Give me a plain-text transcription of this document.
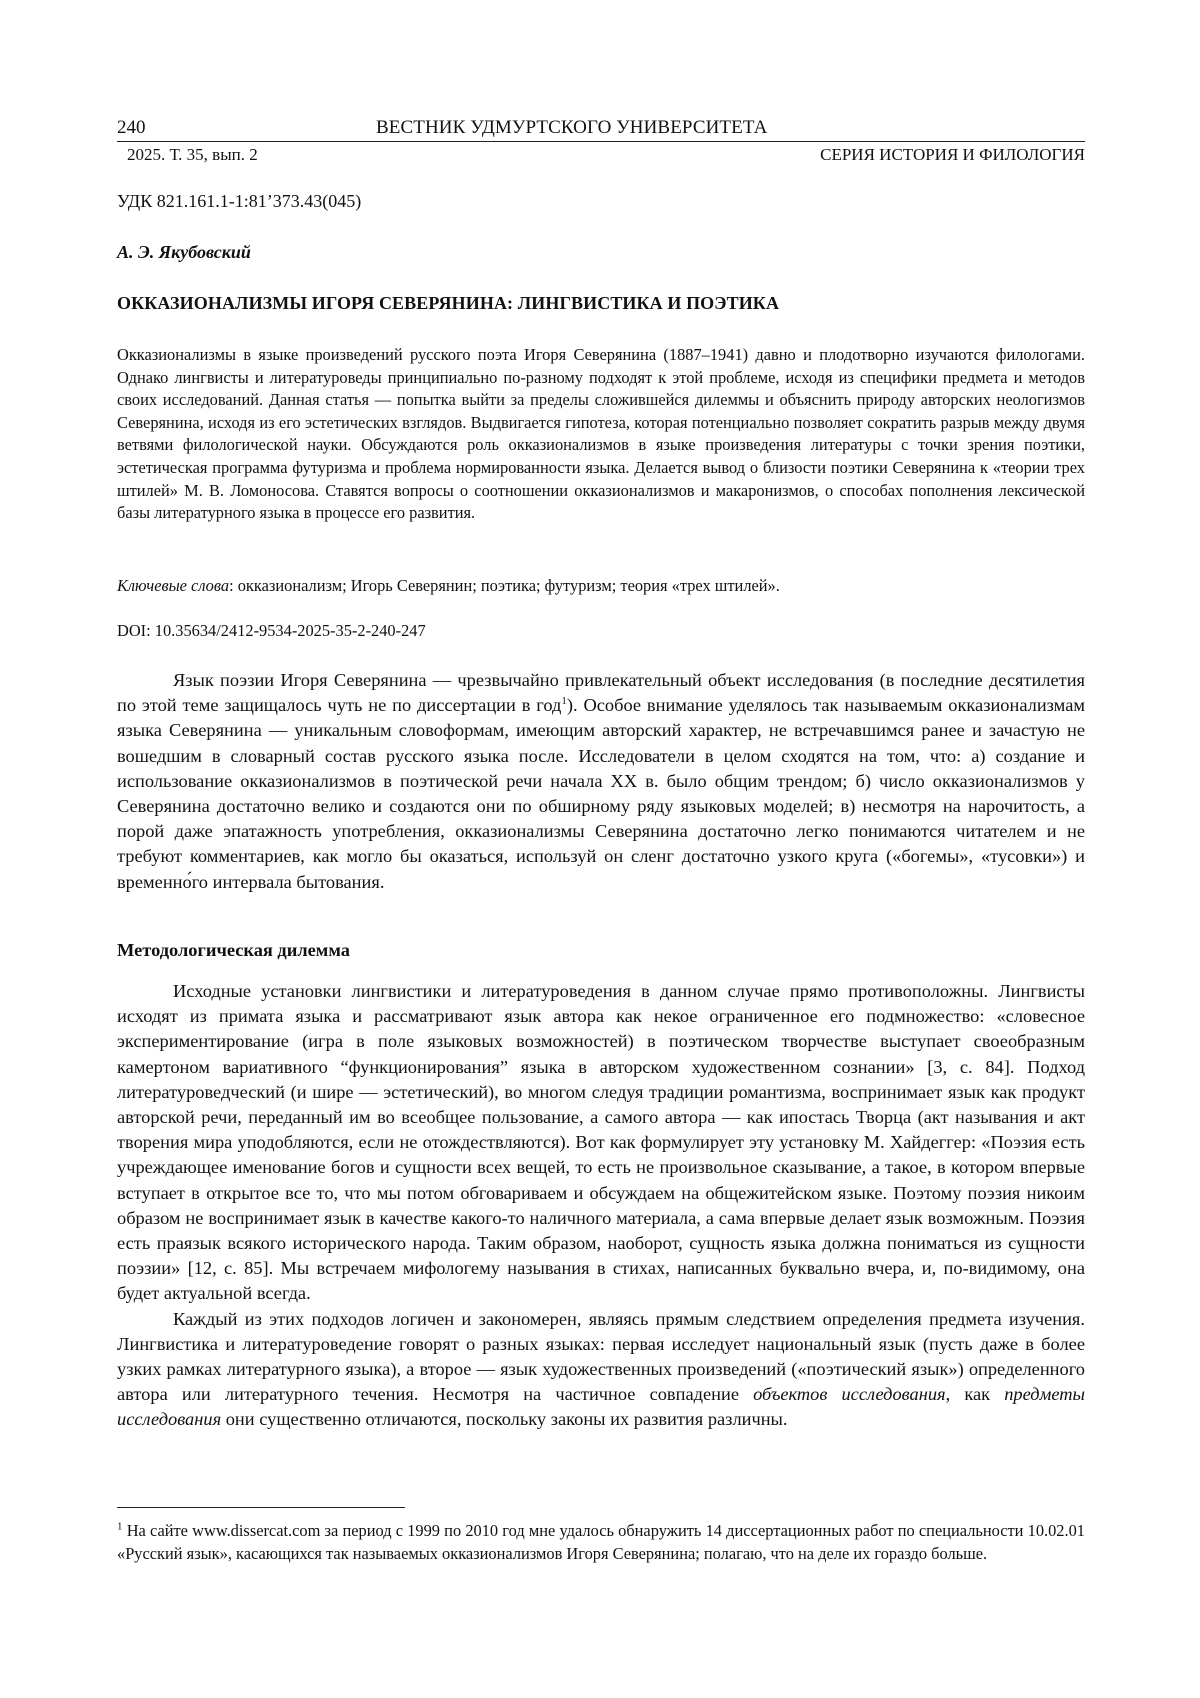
240	ВЕСТНИК УДМУРТСКОГО УНИВЕРСИТЕТА
2025. Т. 35, вып. 2	СЕРИЯ ИСТОРИЯ И ФИЛОЛОГИЯ
УДК 821.161.1-1:81’373.43(045)
А. Э. Якубовский
ОККАЗИОНАЛИЗМЫ ИГОРЯ СЕВЕРЯНИНА: ЛИНГВИСТИКА И ПОЭТИКА
Окказионализмы в языке произведений русского поэта Игоря Северянина (1887–1941) давно и плодотворно изучаются филологами. Однако лингвисты и литературоведы принципиально по-разному подходят к этой проблеме, исходя из специфики предмета и методов своих исследований. Данная статья — попытка выйти за пределы сложившейся дилеммы и объяснить природу авторских неологизмов Северянина, исходя из его эстетических взглядов. Выдвигается гипотеза, которая потенциально позволяет сократить разрыв между двумя ветвями филологической науки. Обсуждаются роль окказионализмов в языке произведения литературы с точки зрения поэтики, эстетическая программа футуризма и проблема нормированности языка. Делается вывод о близости поэтики Северянина к «теории трех штилей» М. В. Ломоносова. Ставятся вопросы о соотношении окказионализмов и макаронизмов, о способах пополнения лексической базы литературного языка в процессе его развития.
Ключевые слова: окказионализм; Игорь Северянин; поэтика; футуризм; теория «трех штилей».
DOI: 10.35634/2412-9534-2025-35-2-240-247

Язык поэзии Игоря Северянина — чрезвычайно привлекательный объект исследования (в последние десятилетия по этой теме защищалось чуть не по диссертации в год$^1$). Особое внимание уделялось так называемым окказионализмам языка Северянина — уникальным словоформам, имеющим авторский характер, не встречавшимся ранее и зачастую не вошедшим в словарный состав русского языка после. Исследователи в целом сходятся на том, что: а) создание и использование окказионализмов в поэтической речи начала XX в. было общим трендом; б) число окказионализмов у Северянина достаточно велико и создаются они по обширному ряду языковых моделей; в) несмотря на нарочитость, а порой даже эпатажность употребления, окказионализмы Северянина достаточно легко понимаются читателем и не требуют комментариев, как могло бы оказаться, используй он сленг достаточно узкого круга («богемы», «тусовки») и временно́го интервала бытования.

Методологическая дилемма

Исходные установки лингвистики и литературоведения в данном случае прямо противоположны. Лингвисты исходят из примата языка и рассматривают язык автора как некое ограниченное его подмножество: «словесное экспериментирование (игра в поле языковых возможностей) в поэтическом творчестве выступает своеобразным камертоном вариативного “функционирования” языка в авторском художественном сознании» [3, с. 84]. Подход литературоведческий (и шире — эстетический), во многом следуя традиции романтизма, воспринимает язык как продукт авторской речи, переданный им во всеобщее пользование, а самого автора — как ипостась Творца (акт называния и акт творения мира уподобляются, если не отождествляются). Вот как формулирует эту установку М. Хайдеггер: «Поэзия есть учреждающее именование богов и сущности всех вещей, то есть не произвольное сказывание, а такое, в котором впервые вступает в открытое все то, что мы потом обговариваем и обсуждаем на общежитейском языке. Поэтому поэзия никоим образом не воспринимает язык в качестве какого-то наличного материала, а сама впервые делает язык возможным. Поэзия есть праязык всякого исторического народа. Таким образом, наоборот, сущность языка должна пониматься из сущности поэзии» [12, с. 85]. Мы встречаем мифологему называния в стихах, написанных буквально вчера, и, по-видимому, она будет актуальной всегда.

Каждый из этих подходов логичен и закономерен, являясь прямым следствием определения предмета изучения. Лингвистика и литературоведение говорят о разных языках: первая исследует национальный язык (пусть даже в более узких рамках литературного языка), а второе — язык художественных произведений («поэтический язык») определенного автора или литературного течения. Несмотря на частичное совпадение объектов исследования, как предметы исследования они существенно отличаются, поскольку законы их развития различны.

$^1$ На сайте www.dissercat.com за период с 1999 по 2010 год мне удалось обнаружить 14 диссертационных работ по специальности 10.02.01 «Русский язык», касающихся так называемых окказионализмов Игоря Северянина; полагаю, что на деле их гораздо больше.
